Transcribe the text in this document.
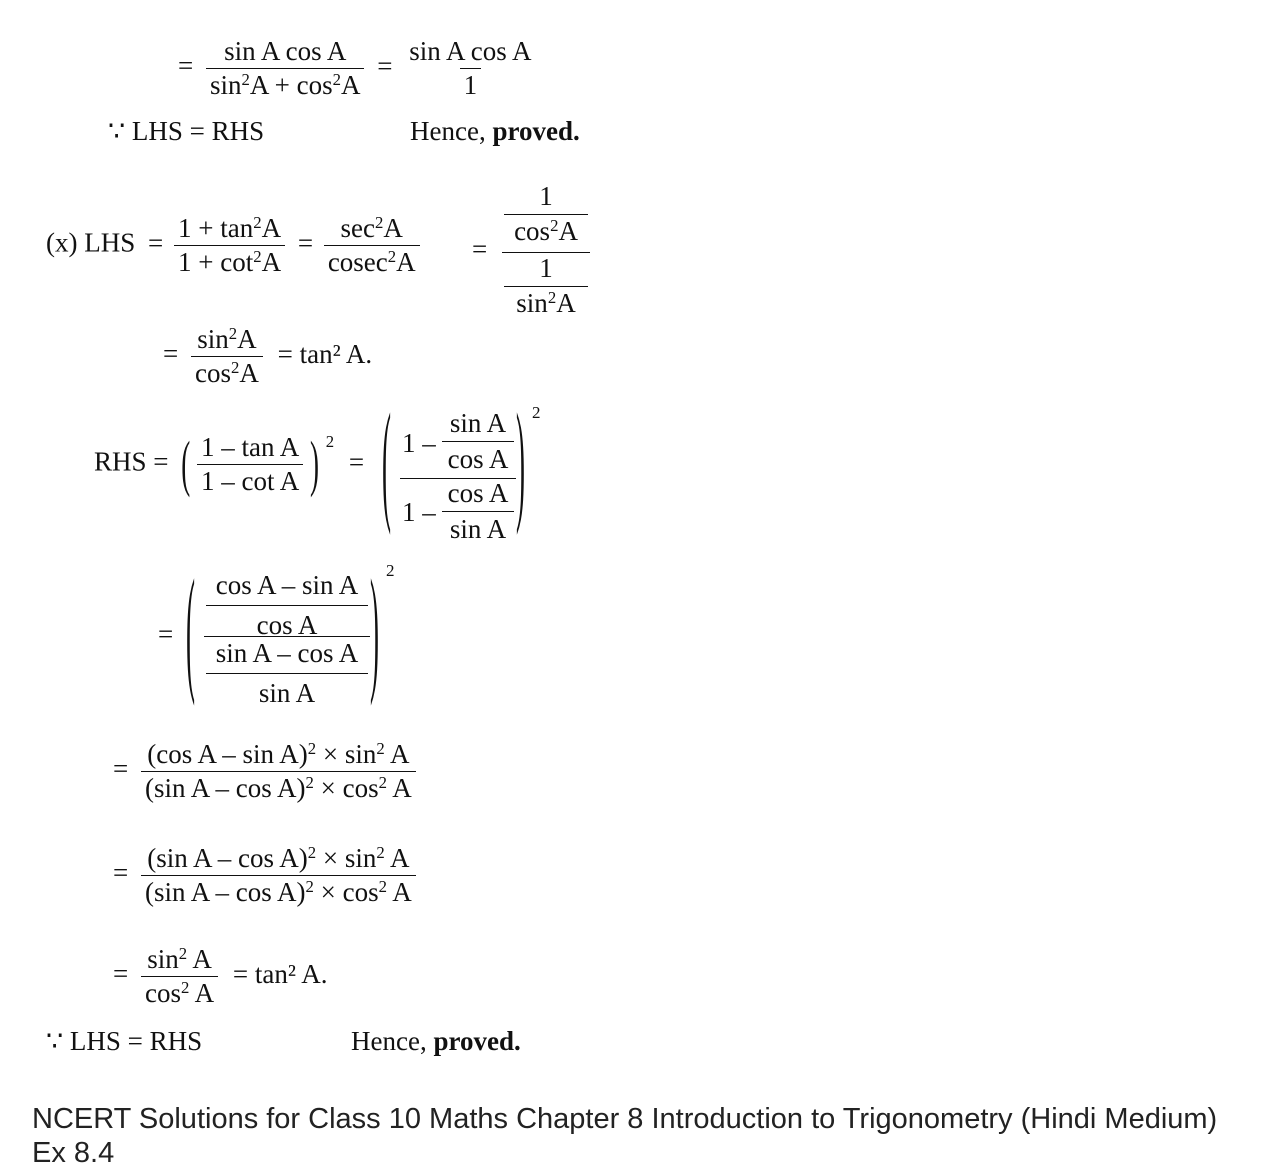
= $\frac{\text{sin A cos A}}{\sin^2A + \cos^2A} = \frac{\text{sin A cos A}}{1}$
∵ LHS = RHS	Hence, proved.
(x) LHS = $\frac{1 + \tan^2A}{1 + \cot^2A} = \frac{\sec^2A}{cosec^2A}$ =
$\frac{1}{\cos^2A}$
$\frac{1}{\sin^2A}$
= $\frac{\sin^2A}{\cos^2A} = \tan^2$ A.
RHS = ( $\frac{\text{1 – tan A}}{\text{1 – cot A}}$ ) $^2$ = ( $1 - \frac{\text{sin A}}{\text{cos A}}$
$1 - \frac{\text{cos A}}{\text{sin A}}$ ) 2
= ( $\frac{\text{cos A – sin A}}{\text{cos A}}$
$\frac{\text{sin A – cos A}}{\text{sin A}}$ ) 2
= $\frac{(\cos A - \sin A)^2 \times \sin^2 A}{(\sin A - \cos A)^2 \times \cos^2 A}$
= $\frac{(\sin A - \cos A)^2 \times \sin^2 A}{(\sin A - \cos A)^2 \times \cos^2 A}$
= $\frac{\sin^2 A}{\cos^2 A} = \tan^2$ A.
∵ LHS = RHS	Hence, proved.
NCERT Solutions for Class 10 Maths Chapter 8 Introduction to Trigonometry (Hindi Medium) Ex 8.4
